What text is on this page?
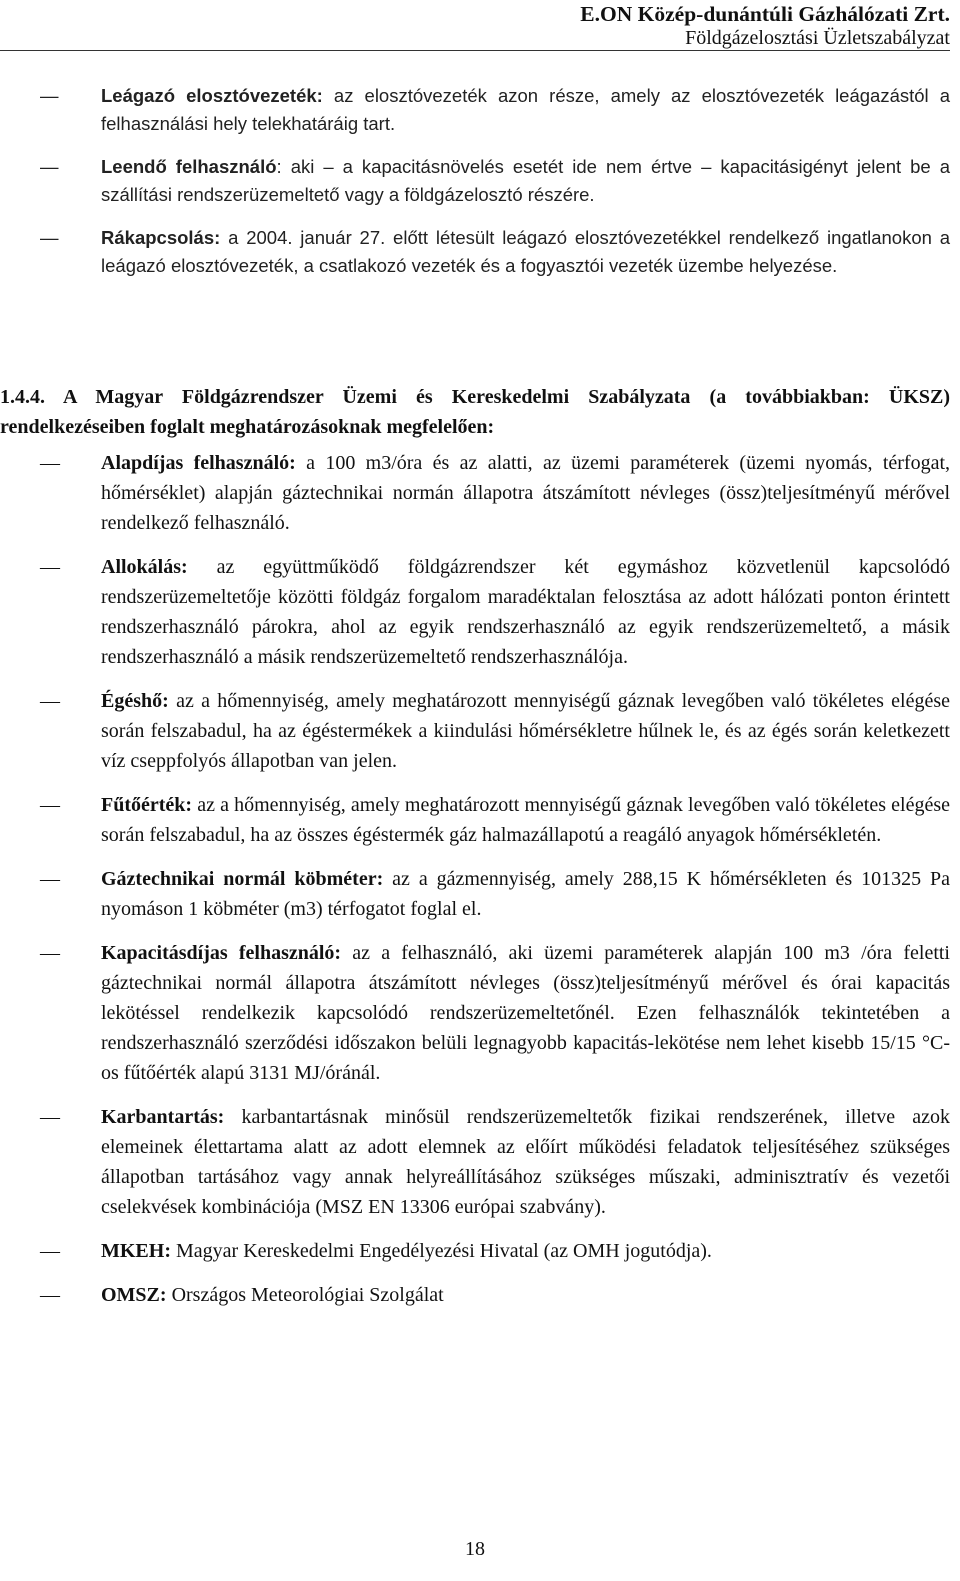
E.ON Közép-dunántúli Gázhálózati Zrt.
Földgázelosztási Üzletszabályzat
— Leágazó elosztóvezeték: az elosztóvezeték azon része, amely az elosztóvezeték leágazástól a felhasználási hely telekhatáráig tart.
— Leendő felhasználó: aki – a kapacitásnövelés esetét ide nem értve – kapacitásigényt jelent be a szállítási rendszerüzemeltető vagy a földgázelosztó részére.
— Rákapcsolás: a 2004. január 27. előtt létesült leágazó elosztóvezetékkel rendelkező ingatlanokon a leágazó elosztóvezeték, a csatlakozó vezeték és a fogyasztói vezeték üzembe helyezése.
1.4.4. A Magyar Földgázrendszer Üzemi és Kereskedelmi Szabályzata (a továbbiakban: ÜKSZ) rendelkezéseiben foglalt meghatározásoknak megfelelően:
— Alapdíjas felhasználó: a 100 m3/óra és az alatti, az üzemi paraméterek (üzemi nyomás, térfogat, hőmérséklet) alapján gáztechnikai normán állapotra átszámított névleges (össz)teljesítményű mérővel rendelkező felhasználó.
— Allokálás: az együttműködő földgázrendszer két egymáshoz közvetlenül kapcsolódó rendszerüzemeltetője közötti földgáz forgalom maradéktalan felosztása az adott hálózati ponton érintett rendszerhasználó párokra, ahol az egyik rendszerhasználó az egyik rendszerüzemeltető, a másik rendszerhasználó a másik rendszerüzemeltető rendszerhasználója.
— Égéshő: az a hőmennyiség, amely meghatározott mennyiségű gáznak levegőben való tökéletes elégése során felszabadul, ha az égéstermékek a kiindulási hőmérsékletre hűlnek le, és az égés során keletkezett víz cseppfolyós állapotban van jelen.
— Fűtőérték: az a hőmennyiség, amely meghatározott mennyiségű gáznak levegőben való tökéletes elégése során felszabadul, ha az összes égéstermék gáz halmazállapotú a reagáló anyagok hőmérsékletén.
— Gáztechnikai normál köbméter: az a gázmennyiség, amely 288,15 K hőmérsékleten és 101325 Pa nyomáson 1 köbméter (m3) térfogatot foglal el.
— Kapacitásdíjas felhasználó: az a felhasználó, aki üzemi paraméterek alapján 100 m3 /óra feletti gáztechnikai normál állapotra átszámított névleges (össz)teljesítményű mérővel és órai kapacitás lekötéssel rendelkezik kapcsolódó rendszerüzemeltetőnél. Ezen felhasználók tekintetében a rendszerhasználó szerződési időszakon belüli legnagyobb kapacitás-lekötése nem lehet kisebb 15/15 °C-os fűtőérték alapú 3131 MJ/óránál.
— Karbantartás: karbantartásnak minősül rendszerüzemeltetők fizikai rendszerének, illetve azok elemeinek élettartama alatt az adott elemnek az előírt működési feladatok teljesítéséhez szükséges állapotban tartásához vagy annak helyreállításához szükséges műszaki, adminisztratív és vezetői cselekvések kombinációja (MSZ EN 13306 európai szabvány).
— MKEH: Magyar Kereskedelmi Engedélyezési Hivatal (az OMH jogutódja).
— OMSZ: Országos Meteorológiai Szolgálat
18
